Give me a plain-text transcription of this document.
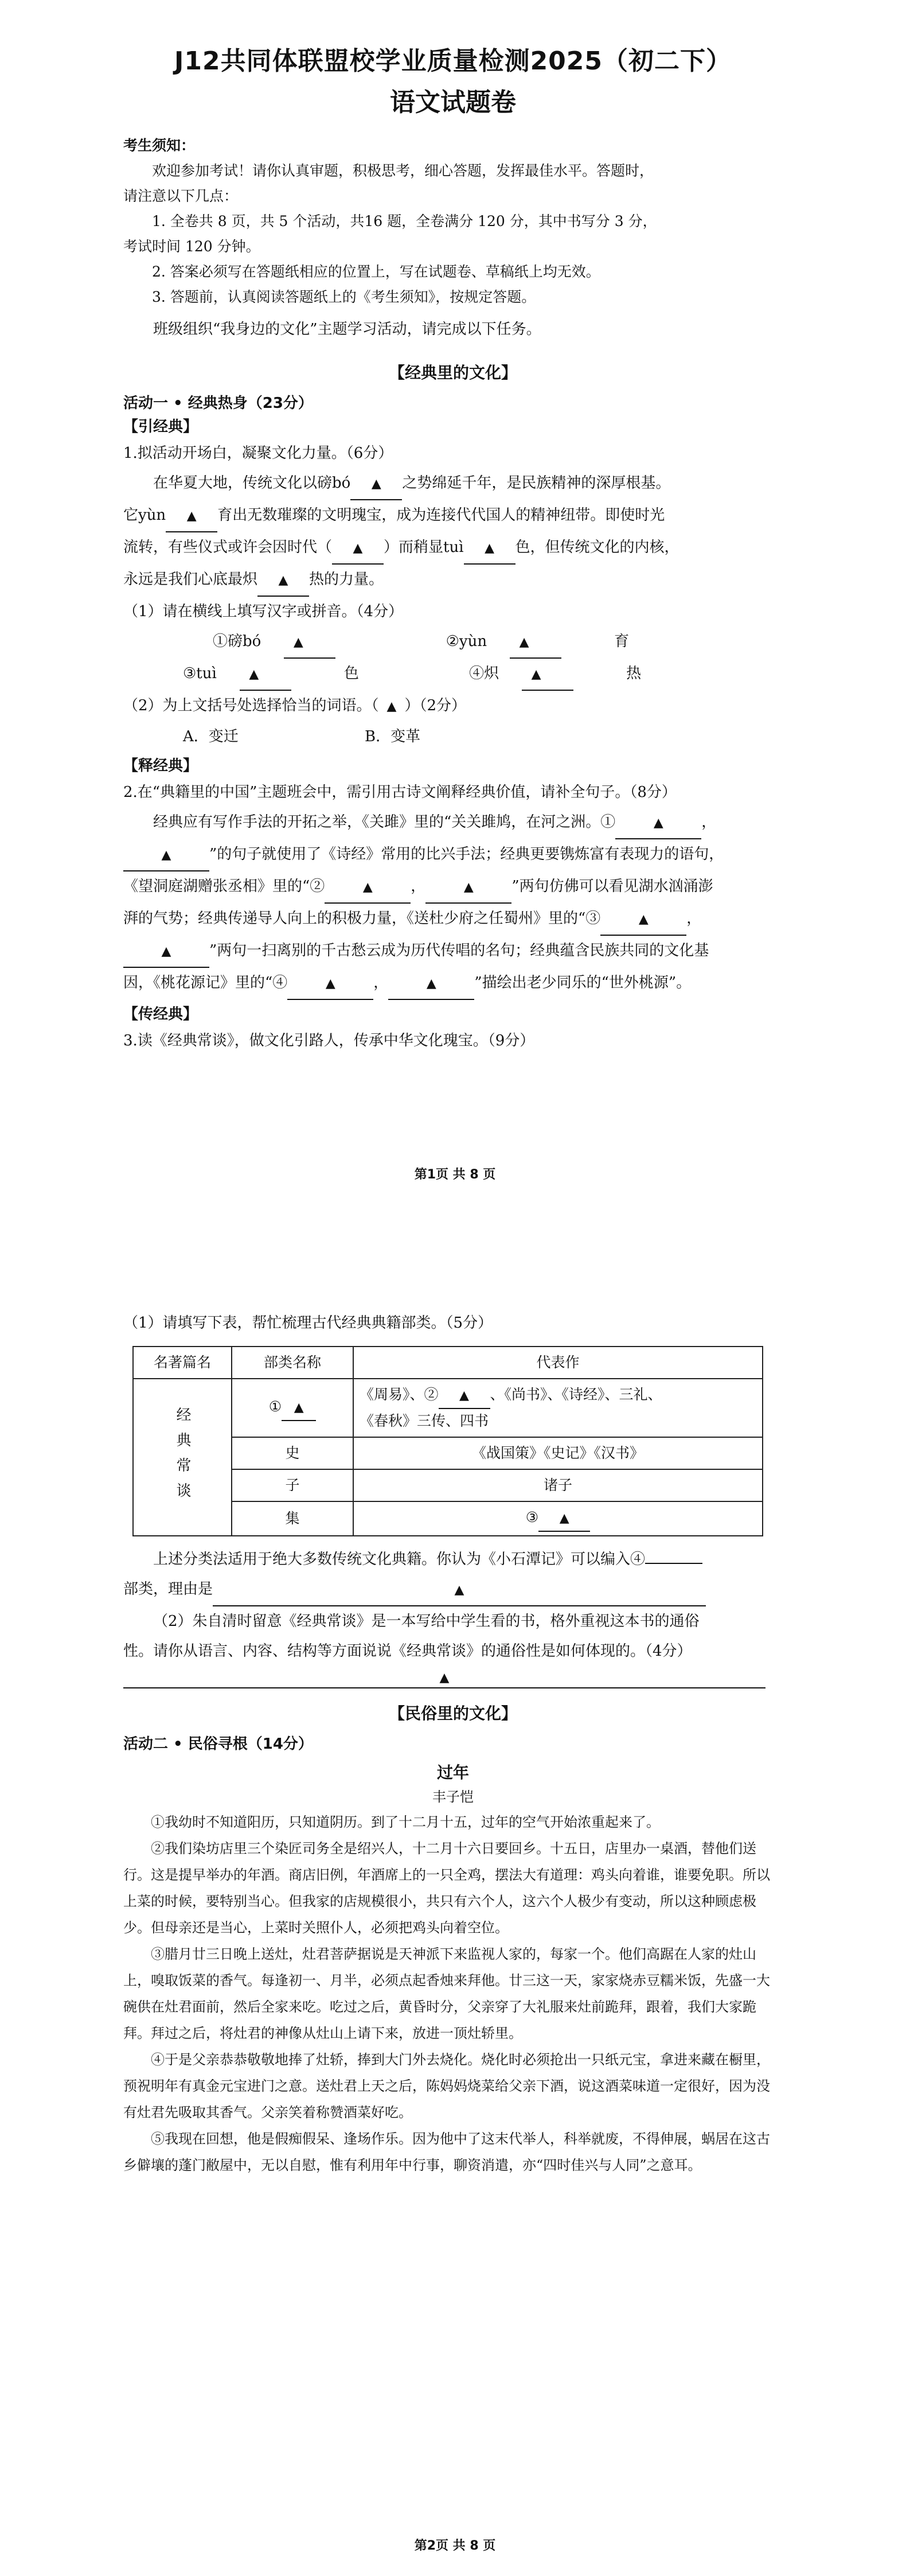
J12共同体联盟校学业质量检测2025（初二下）
语文试题卷
考生须知：
欢迎参加考试！请你认真审题，积极思考，细心答题，发挥最佳水平。答题时，
请注意以下几点：
1. 全卷共 8 页，共 5 个活动，共16 题，全卷满分 120 分，其中书写分 3 分，
考试时间 120 分钟。
2. 答案必须写在答题纸相应的位置上，写在试题卷、草稿纸上均无效。
3. 答题前，认真阅读答题纸上的《考生须知》，按规定答题。

班级组织“我身边的文化”主题学习活动，请完成以下任务。

【经典里的文化】
活动一 • 经典热身（23分）
【引经典】

1.拟活动开场白，凝聚文化力量。（6分）

在华夏大地，传统文化以磅bó ▲ 之势绵延千年，是民族精神的深厚根基。

它yùn ▲ 育出无数璀璨的文明瑰宝，成为连接代代国人的精神纽带。即使时光

流转，有些仪式或许会因时代（ ▲ ）而稍显tuì ▲ 色，但传统文化的内核，

永远是我们心底最炽 ▲ 热的力量。

（1）请在横线上填写汉字或拼音。（4分）

①磅bó	▲	②yùn	▲	育 ③tuì	▲	色	④炽	▲	热

（2）为上文括号处选择恰当的词语。（ ▲ ）（2分）

A．变迁	B．变革

【释经典】

2.在“典籍里的中国”主题班会中，需引用古诗文阐释经典价值，请补全句子。（8分）

经典应有写作手法的开拓之举，《关雎》里的“关关雎鸠，在河之洲。①	▲	，

▲	”的句子就使用了《诗经》常用的比兴手法；经典更要镌炼富有表现力的语句，

《望洞庭湖赠张丞相》里的“②	▲	，	▲	”两句仿佛可以看见湖水汹涌澎

湃的气势；经典传递导人向上的积极力量，《送杜少府之任蜀州》里的“③	▲	，

▲	”两句一扫离别的千古愁云成为历代传唱的名句；经典蕴含民族共同的文化基

因，《桃花源记》里的“④	▲	，	▲	”描绘出老少同乐的“世外桃源”。

【传经典】

3.读《经典常谈》，做文化引路人，传承中华文化瑰宝。（9分）

第1页 共 8 页

（1）请填写下表，帮忙梳理古代经典典籍部类。（5分）

名著篇名	部类名称	代表作

经典常谈	① ▲	《周易》、② ▲ 、《尚书》、《诗经》、三礼、
《春秋》三传、四书
	史	《战国策》《史记》《汉书》
	子	诸子
	集	③ ▲

上述分类法适用于绝大多数传统文化典籍。你认为《小石潭记》可以编入④

部类，理由是	▲

（2）朱自清时留意《经典常谈》是一本写给中学生看的书，格外重视这本书的通俗

性。请你从语言、内容、结构等方面说说《经典常谈》的通俗性是如何体现的。（4分）

▲
【民俗里的文化】
活动二 • 民俗寻根（14分）
过年
丰子恺

①我幼时不知道阳历，只知道阴历。到了十二月十五，过年的空气开始浓重起来了。

②我们染坊店里三个染匠司务全是绍兴人，十二月十六日要回乡。十五日，店里办一桌酒，替他们送行。这是提早举办的年酒。商店旧例，年酒席上的一只全鸡，摆法大有道理：鸡头向着谁，谁要免职。所以上菜的时候，要特别当心。但我家的店规模很小，共只有六个人，这六个人极少有变动，所以这种顾虑极少。但母亲还是当心，上菜时关照仆人，必须把鸡头向着空位。

③腊月廿三日晚上送灶，灶君菩萨据说是天神派下来监视人家的，每家一个。他们高踞在人家的灶山上，嗅取饭菜的香气。每逢初一、月半，必须点起香烛来拜他。廿三这一天，家家烧赤豆糯米饭，先盛一大碗供在灶君面前，然后全家来吃。吃过之后，黄昏时分，父亲穿了大礼服来灶前跪拜，跟着，我们大家跪拜。拜过之后，将灶君的神像从灶山上请下来，放进一顶灶轿里。

④于是父亲恭恭敬敬地捧了灶轿，捧到大门外去烧化。烧化时必须抢出一只纸元宝，拿进来藏在橱里，预祝明年有真金元宝进门之意。送灶君上天之后，陈妈妈烧菜给父亲下酒，说这酒菜味道一定很好，因为没有灶君先吸取其香气。父亲笑着称赞酒菜好吃。

⑤我现在回想，他是假痴假呆、逢场作乐。因为他中了这末代举人，科举就废，不得伸展，蜗居在这古乡僻壤的蓬门敝屋中，无以自慰，惟有利用年中行事，聊资消遣，亦“四时佳兴与人同”之意耳。

第2页 共 8 页
